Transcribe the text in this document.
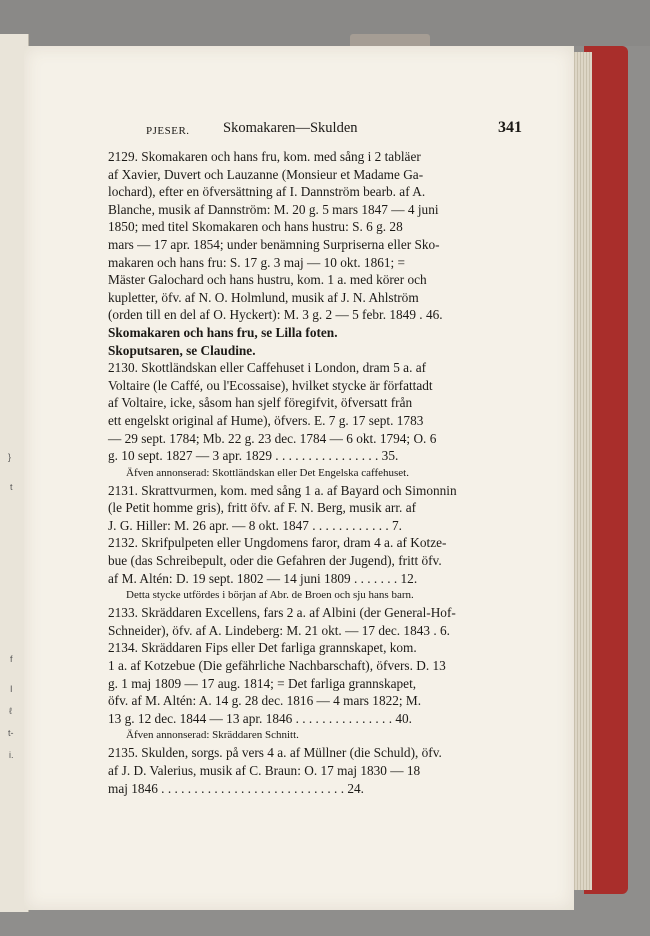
}
t
f
I
ℓ
t-
i.
PJESER. Skomakaren—Skulden	341
2129. Skomakaren och hans fru, kom. med sång i 2 tabläer
af Xavier, Duvert och Lauzanne (Monsieur et Madame Ga-
lochard), efter en öfversättning af I. Dannström bearb. af A.
Blanche, musik af Dannström: M. 20 g. 5 mars 1847 — 4 juni
1850; med titel Skomakaren och hans hustru: S. 6 g. 28
mars — 17 apr. 1854; under benämning Surpriserna eller Sko-
makaren och hans fru: S. 17 g. 3 maj — 10 okt. 1861; =
Mäster Galochard och hans hustru, kom. 1 a. med körer och
kupletter, öfv. af N. O. Holmlund, musik af J. N. Ahlström
(orden till en del af O. Hyckert): M. 3 g. 2 — 5 febr. 1849 . 46.
Skomakaren och hans fru, se Lilla foten.
Skoputsaren, se Claudine.
2130. Skottländskan eller Caffehuset i London, dram 5 a. af
Voltaire (le Caffé, ou l'Ecossaise), hvilket stycke är författadt
af Voltaire, icke, såsom han sjelf föregifvit, öfversatt från
ett engelskt original af Hume), öfvers. E. 7 g. 17 sept. 1783
— 29 sept. 1784; Mb. 22 g. 23 dec. 1784 — 6 okt. 1794; O. 6
g. 10 sept. 1827 — 3 apr. 1829 . . . . . . . . . . . . . . . . 35.
Äfven annonserad: Skottländskan eller Det Engelska caffehuset.
2131. Skrattvurmen, kom. med sång 1 a. af Bayard och Simonnin
(le Petit homme gris), fritt öfv. af F. N. Berg, musik arr. af
J. G. Hiller: M. 26 apr. — 8 okt. 1847 . . . . . . . . . . . . 7.
2132. Skrifpulpeten eller Ungdomens faror, dram 4 a. af Kotze-
bue (das Schreibepult, oder die Gefahren der Jugend), fritt öfv.
af M. Altén: D. 19 sept. 1802 — 14 juni 1809 . . . . . . . 12.
Detta stycke utfördes i början af Abr. de Broen och sju hans barn.
2133. Skräddaren Excellens, fars 2 a. af Albini (der General-Hof-
Schneider), öfv. af A. Lindeberg: M. 21 okt. — 17 dec. 1843 . 6.
2134. Skräddaren Fips eller Det farliga grannskapet, kom.
1 a. af Kotzebue (Die gefährliche Nachbarschaft), öfvers. D. 13
g. 1 maj 1809 — 17 aug. 1814; = Det farliga grannskapet,
öfv. af M. Altén: A. 14 g. 28 dec. 1816 — 4 mars 1822; M.
13 g. 12 dec. 1844 — 13 apr. 1846 . . . . . . . . . . . . . . . 40.
Äfven annonserad: Skräddaren Schnitt.
2135. Skulden, sorgs. på vers 4 a. af Müllner (die Schuld), öfv.
af J. D. Valerius, musik af C. Braun: O. 17 maj 1830 — 18
maj 1846 . . . . . . . . . . . . . . . . . . . . . . . . . . . . 24.
